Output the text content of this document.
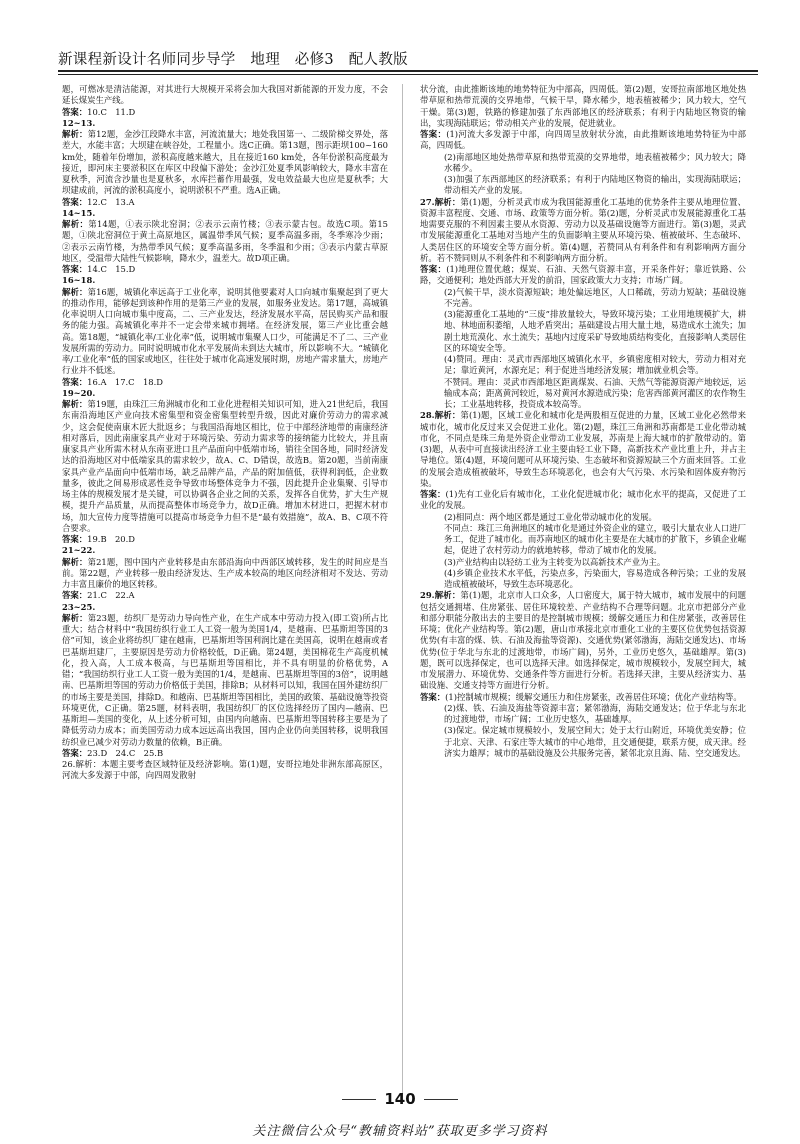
新课程新设计名师同步导学　地理　必修3　配人教版

题，可燃冰是清洁能源，对其进行大规模开采将会加大我国对新能源的开发力度，不会延长煤炭生产线。

答案：10.C　11.D

12~13.

解析：第12题，金沙江段降水丰富，河流流量大；地处我国第一、二级阶梯交界处，落差大，水能丰富；大坝建在峡谷处，工程量小。选C正确。第13题，图示距坝100~160 km处，随着年份增加，淤积高度越来越大，且在接近160 km处，各年份淤积高度最为接近，即河床主要淤积区在库区中段偏下游处；金沙江处夏季风影响较大，降水丰富在夏秋季，河流含沙量也是夏秋多，水库拦蓄作用最强，发电效益最大也应是夏秋季；大坝建成前，河流的淤积高度小，说明淤积不严重。选A正确。

答案：12.C　13.A

14~15.

解析：第14题，①表示陕北窑洞；②表示云南竹楼；③表示蒙古包。故选C项。第15题，①陕北窑洞位于黄土高原地区，属温带季风气候；夏季高温多雨，冬季寒冷少雨；②表示云南竹楼，为热带季风气候；夏季高温多雨，冬季温和少雨；③表示内蒙古草原地区，受温带大陆性气候影响，降水少，温差大。故D项正确。

答案：14.C　15.D

16~18.

解析：第16题，城镇化率远高于工业化率，说明其他要素对人口向城市集聚起到了更大的推动作用，能够起到该种作用的是第三产业的发展，如服务业发达。第17题，高城镇化率说明人口向城市集中度高，二、三产业发达，经济发展水平高，居民购买产品和服务的能力强。高城镇化率并不一定会带来城市拥堵。在经济发展，第三产业比重会越高。第18题，“城镇化率/工业化率”低，说明城市集聚人口少，可能满足不了二、三产业发展所需的劳动力。同时说明城市化水平发展尚未到达大城市，所以影响不大。“城镇化率/工业化率”低的国家或地区，往往处于城市化高速发展时期，房地产需求量大，房地产行业并不低迷。

答案：16.A　17.C　18.D

19~20.

解析：第19题，由珠江三角洲城市化和工业化进程相关知识可知，进入21世纪后，我国东南沿海地区产业向技术密集型和资金密集型转型升级，因此对廉价劳动力的需求减少，这会促使南康木匠大批返乡；与我国沿海地区相比，位于中部经济地带的南康经济相对落后，因此南康家具产业对于环境污染、劳动力需求等的接纳能力比较大，并且南康家具产业所需木材从东南亚进口且产品面向中低端市场，销往全国各地，同时经济发达的沿海地区对中低端家具的需求较少，故A、C、D错误，故选B。第20题，当前南康家具产业产品面向中低端市场，缺乏品牌产品，产品的附加值低，获得利润低，企业数量多，彼此之间易形成恶性竞争导致市场整体竞争力不强，因此提升企业集聚、引导市场主体的规模发展才是关键，可以协调各企业之间的关系，发挥各自优势，扩大生产规模，提升产品质量，从而提高整体市场竞争力，故D正确。增加木材进口，把握木材市场，加大宣传力度等措施可以提高市场竞争力但不是“最有效措施”，故A、B、C项不符合要求。

答案：19.B　20.D

21~22.

解析：第21题，图中国内产业转移是由东部沿海向中西部区域转移，发生的时间应是当前。第22题，产业转移一般由经济发达、生产成本较高的地区向经济相对不发达、劳动力丰富且廉价的地区转移。

答案：21.C　22.A

23~25.

解析：第23题，纺织厂是劳动力导向性产业，在生产成本中劳动力投入(即工资)所占比重大；结合材料中“我国纺织行业工人工资一般为美国1/4，是越南、巴基斯坦等国的3倍”可知，该企业将纺织厂建在越南，巴基斯坦等国利润比建在美国高，说明在越南或者巴基斯坦建厂，主要原因是劳动力价格较低，D正确。第24题，美国棉花生产高度机械化，投入高，人工成本极高，与巴基斯坦等国相比，并不具有明显的价格优势，A错；“我国纺织行业工人工资一般为美国的1/4，是越南、巴基斯坦等国的3倍”，说明越南、巴基斯坦等国的劳动力价格低于美国，排除B；从材料可以知，我国在国外建纺织厂的市场主要是美国，排除D。和越南、巴基斯坦等国相比，美国的政策、基础设施等投资环境更优，C正确。第25题，材料表明，我国纺织厂的区位选择经历了国内—越南、巴基斯坦—美国的变化，从上述分析可知，由国内向越南、巴基斯坦等国转移主要是为了降低劳动力成本；而美国劳动力成本远远高出我国，国内企业仍向美国转移，说明我国纺织业已减少对劳动力数量的依赖，B正确。

答案：23.D　24.C　25.B

26.解析：本题主要考查区域特征及经济影响。第(1)题，安哥拉地处非洲东部高原区，河流大多发源于中部，向四周发散射

状分流，由此推断该地的地势特征为中部高，四周低。第(2)题，安哥拉南部地区地处热带草原和热带荒漠的交界地带，气候干旱，降水稀少，地表植被稀少；风力较大，空气干燥。第(3)题，铁路的修建加强了东西部地区的经济联系；有利于内陆地区物资的输出，实现海陆联运；带动相关产业的发展，促进就业。

答案：(1)河流大多发源于中部，向四周呈放射状分流，由此推断该地地势特征为中部高，四周低。

(2)南部地区地处热带草原和热带荒漠的交界地带，地表植被稀少；风力较大；降水稀少。

(3)加强了东西部地区的经济联系；有利于内陆地区物资的输出，实现海陆联运；带动相关产业的发展。

27.解析：第(1)题，分析灵武市成为我国能源重化工基地的优势条件主要从地理位置、资源丰富程度、交通、市场、政策等方面分析。第(2)题，分析灵武市发展能源重化工基地需要克服的不利因素主要从水资源、劳动力以及基础设施等方面进行。第(3)题，灵武市发展能源重化工基地对当地产生的负面影响主要从环境污染、植被破坏、生态破坏、人类居住区的环境安全等方面分析。第(4)题，若赞同从有利条件和有利影响两方面分析。若不赞同则从不利条件和不利影响两方面分析。

答案：(1)地理位置优越；煤炭、石油、天然气资源丰富，开采条件好；靠近铁路、公路，交通便利；地处西部大开发的前沿，国家政策大力支持；市场广阔。

(2)气候干旱，淡水资源短缺；地处偏远地区，人口稀疏，劳动力短缺；基础设施不完善。

(3)能源重化工基地的“三废”排放量较大，导致环境污染；工业用地规模扩大，耕地、林地面积萎缩，人地矛盾突出；基础建设占用大量土地，易造成水土流失；加剧土地荒漠化、水土流失；基地内过度采矿导致地质结构变化，直接影响人类居住区的环境安全等。

(4)赞同。理由：灵武市西部地区城镇化水平，乡镇密度相对较大，劳动力相对充足；靠近黄河，水源充足；利于促进当地经济发展；增加就业机会等。

不赞同。理由：灵武市西部地区距离煤炭、石油、天然气等能源资源产地较远，运输成本高；距离黄河较近，易对黄河水源造成污染；危害西部黄河灌区的农作物生长；工业基地转移，投资成本较高等。

28.解析：第(1)题，区域工业化和城市化是两股相互促进的力量，区域工业化必然带来城市化，城市化反过来又会促进工业化。第(2)题，珠江三角洲和苏南都是工业化带动城市化，不同点是珠三角是外资企业带动工业发展，苏南是上海大城市的扩散带动的。第(3)题，从表中可直接读出经济工业主要由轻工业下降，高新技术产业比重上升，并占主导地位。第(4)题，环境问题可从环境污染、生态破坏和资源短缺三个方面来回答。工业的发展会造成植被破坏，导致生态环境恶化，也会有大气污染、水污染和固体废弃物污染。

答案：(1)先有工业化后有城市化，工业化促进城市化；城市化水平的提高，又促进了工业化的发展。

(2)相同点：两个地区都是通过工业化带动城市化的发展。

不同点：珠江三角洲地区的城市化是通过外资企业的建立，吸引大量农业人口进厂务工，促进了城市化。而苏南地区的城市化主要是在大城市的扩散下，乡镇企业崛起，促进了农村劳动力的就地转移，带动了城市化的发展。

(3)产业结构由以轻纺工业为主转变为以高新技术产业为主。

(4)乡镇企业技术水平低，污染点多，污染面大，容易造成各种污染；工业的发展造成植被破坏，导致生态环境恶化。

29.解析：第(1)题，北京市人口众多，人口密度大，属于特大城市，城市发展中的问题包括交通拥堵、住房紧张、居住环境较差、产业结构不合理等问题。北京市把部分产业和部分职能分散出去的主要目的是控制城市规模；缓解交通压力和住房紧张，改善居住环境；优化产业结构等。第(2)题，唐山市承接北京市重化工业的主要区位优势包括资源优势(有丰富的煤、铁、石油及海盐等资源)、交通优势(紧邻渤海，海陆交通发达)、市场优势(位于华北与东北的过渡地带，市场广阔)，另外，工业历史悠久，基础雄厚。第(3)题，既可以选择保定，也可以选择天津。如选择保定，城市规模较小，发展空间大，城市发展潜力、环境优势、交通条件等方面进行分析。若选择天津，主要从经济实力、基础设施、交通支持等方面进行分析。

答案：(1)控制城市规模；缓解交通压力和住房紧张，改善居住环境；优化产业结构等。

(2)煤、铁、石油及海盐等资源丰富；紧邻渤海，海陆交通发达；位于华北与东北的过渡地带，市场广阔；工业历史悠久，基础雄厚。

(3)保定。保定城市规模较小，发展空间大；处于太行山附近，环境优美安静；位于北京、天津、石家庄等大城市的中心地带，且交通便捷，联系方便，成天津。经济实力雄厚；城市的基础设施及公共服务完善，紧邻北京且海、陆、空交通发达。

140
关注微信公众号“教辅资料站”获取更多学习资料
